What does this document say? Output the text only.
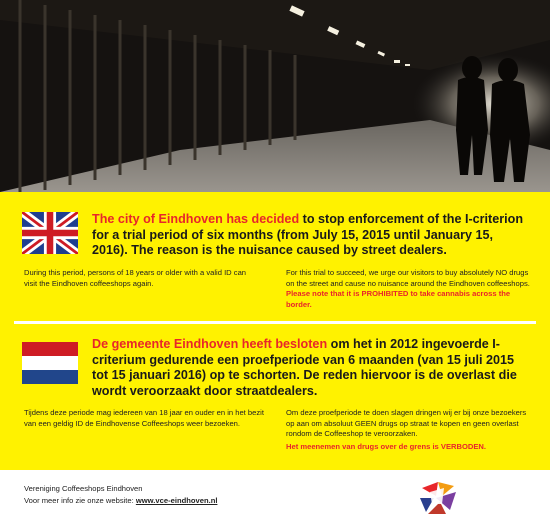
The city of Eindhoven has decided to stop enforcement of the I-criterion for a trial period of six months (from July 15, 2015 until January 15, 2016). The reason is the nuisance caused by street dealers.
During this period, persons of 18 years or older with a valid ID can visit the Eindhoven coffeeshops again.
For this trial to succeed, we urge our visitors to buy absolutely NO drugs on the street and cause no nuisance around the Eindhoven coffeeshops. Please note that it is PROHIBITED to take cannabis across the border.
De gemeente Eindhoven heeft besloten om het in 2012 ingevoerde I-criterium gedurende een proefperiode van 6 maanden (van 15 juli 2015 tot 15 januari 2016) op te schorten. De reden hiervoor is de overlast die wordt veroorzaakt door straatdealers.
Tijdens deze periode mag iedereen van 18 jaar en ouder en in het bezit van een geldig ID de Eindhovense Coffeeshops weer bezoeken.
Om deze proefperiode te doen slagen dringen wij er bij onze bezoekers op aan om absoluut GEEN drugs op straat te kopen en geen overlast rondom de Coffeeshop te veroorzaken.
Het meenemen van drugs over de grens is VERBODEN.
Vereniging Coffeeshops Eindhoven
Voor meer info zie onze website: www.vce-eindhoven.nl
